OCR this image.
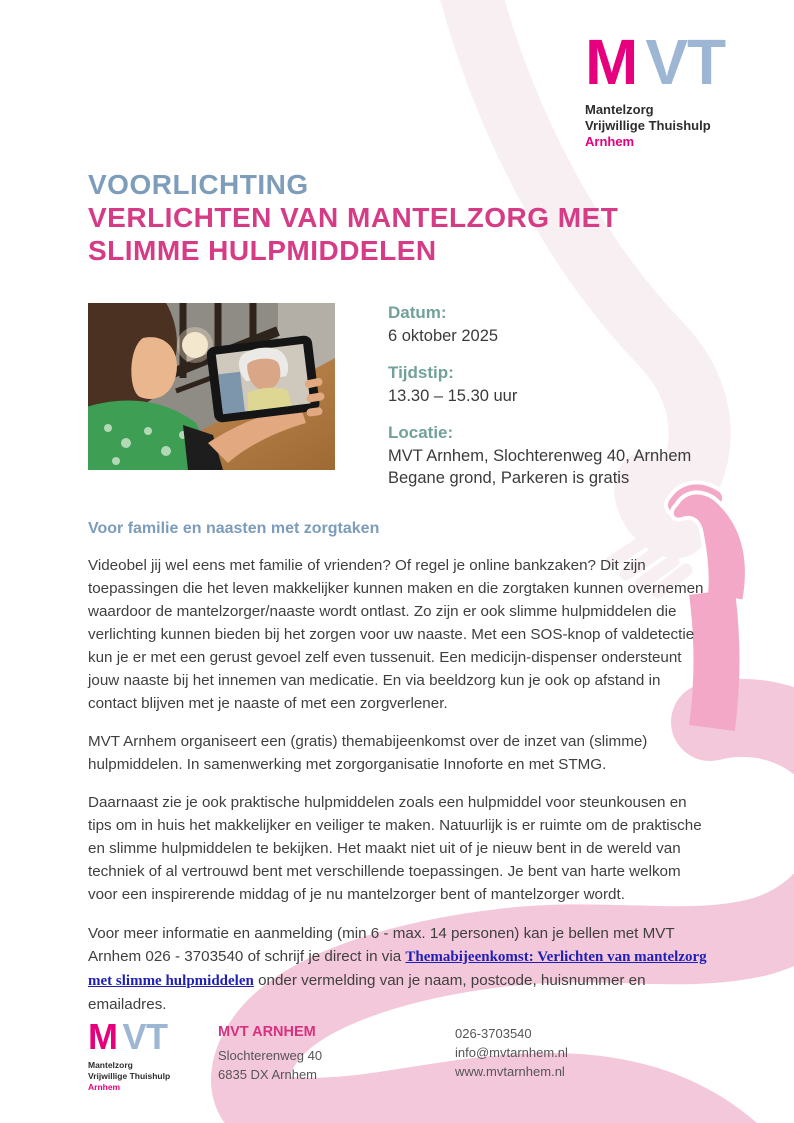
M VT
Mantelzorg
Vrijwillige Thuishulp
Arnhem
VOORLICHTING
VERLICHTEN VAN MANTELZORG MET SLIMME HULPMIDDELEN
Datum:
6 oktober 2025
Tijdstip:
13.30 – 15.30 uur
Locatie:
MVT Arnhem, Slochterenweg 40, Arnhem
Begane grond, Parkeren is gratis
Voor familie en naasten met zorgtaken

Videobel jij wel eens met familie of vrienden? Of regel je online bankzaken? Dit zijn toepassingen die het leven makkelijker kunnen maken en die zorgtaken kunnen overnemen waardoor de mantelzorger/naaste wordt ontlast. Zo zijn er ook slimme hulpmiddelen die verlichting kunnen bieden bij het zorgen voor uw naaste. Met een SOS-knop of valdetectie kun je er met een gerust gevoel zelf even tussenuit. Een medicijn-dispenser ondersteunt jouw naaste bij het innemen van medicatie. En via beeldzorg kun je ook op afstand in contact blijven met je naaste of met een zorgverlener.

MVT Arnhem organiseert een (gratis) themabijeenkomst over de inzet van (slimme) hulpmiddelen. In samenwerking met zorgorganisatie Innoforte en met STMG.

Daarnaast zie je ook praktische hulpmiddelen zoals een hulpmiddel voor steunkousen en tips om in huis het makkelijker en veiliger te maken. Natuurlijk is er ruimte om de praktische en slimme hulpmiddelen te bekijken. Het maakt niet uit of je nieuw bent in de wereld van techniek of al vertrouwd bent met verschillende toepassingen. Je bent van harte welkom voor een inspirerende middag of je nu mantelzorger bent of mantelzorger wordt.

Voor meer informatie en aanmelding (min 6 - max. 14 personen) kan je bellen met MVT Arnhem 026 - 3703540 of schrijf je direct in via Themabijeenkomst: Verlichten van mantelzorg met slimme hulpmiddelen onder vermelding van je naam, postcode, huisnummer en emailadres.

M VT
Mantelzorg
Vrijwillige Thuishulp
Arnhem
MVT ARNHEM
Slochterenweg 40
6835 DX Arnhem
026-3703540
info@mvtarnhem.nl
www.mvtarnhem.nl
